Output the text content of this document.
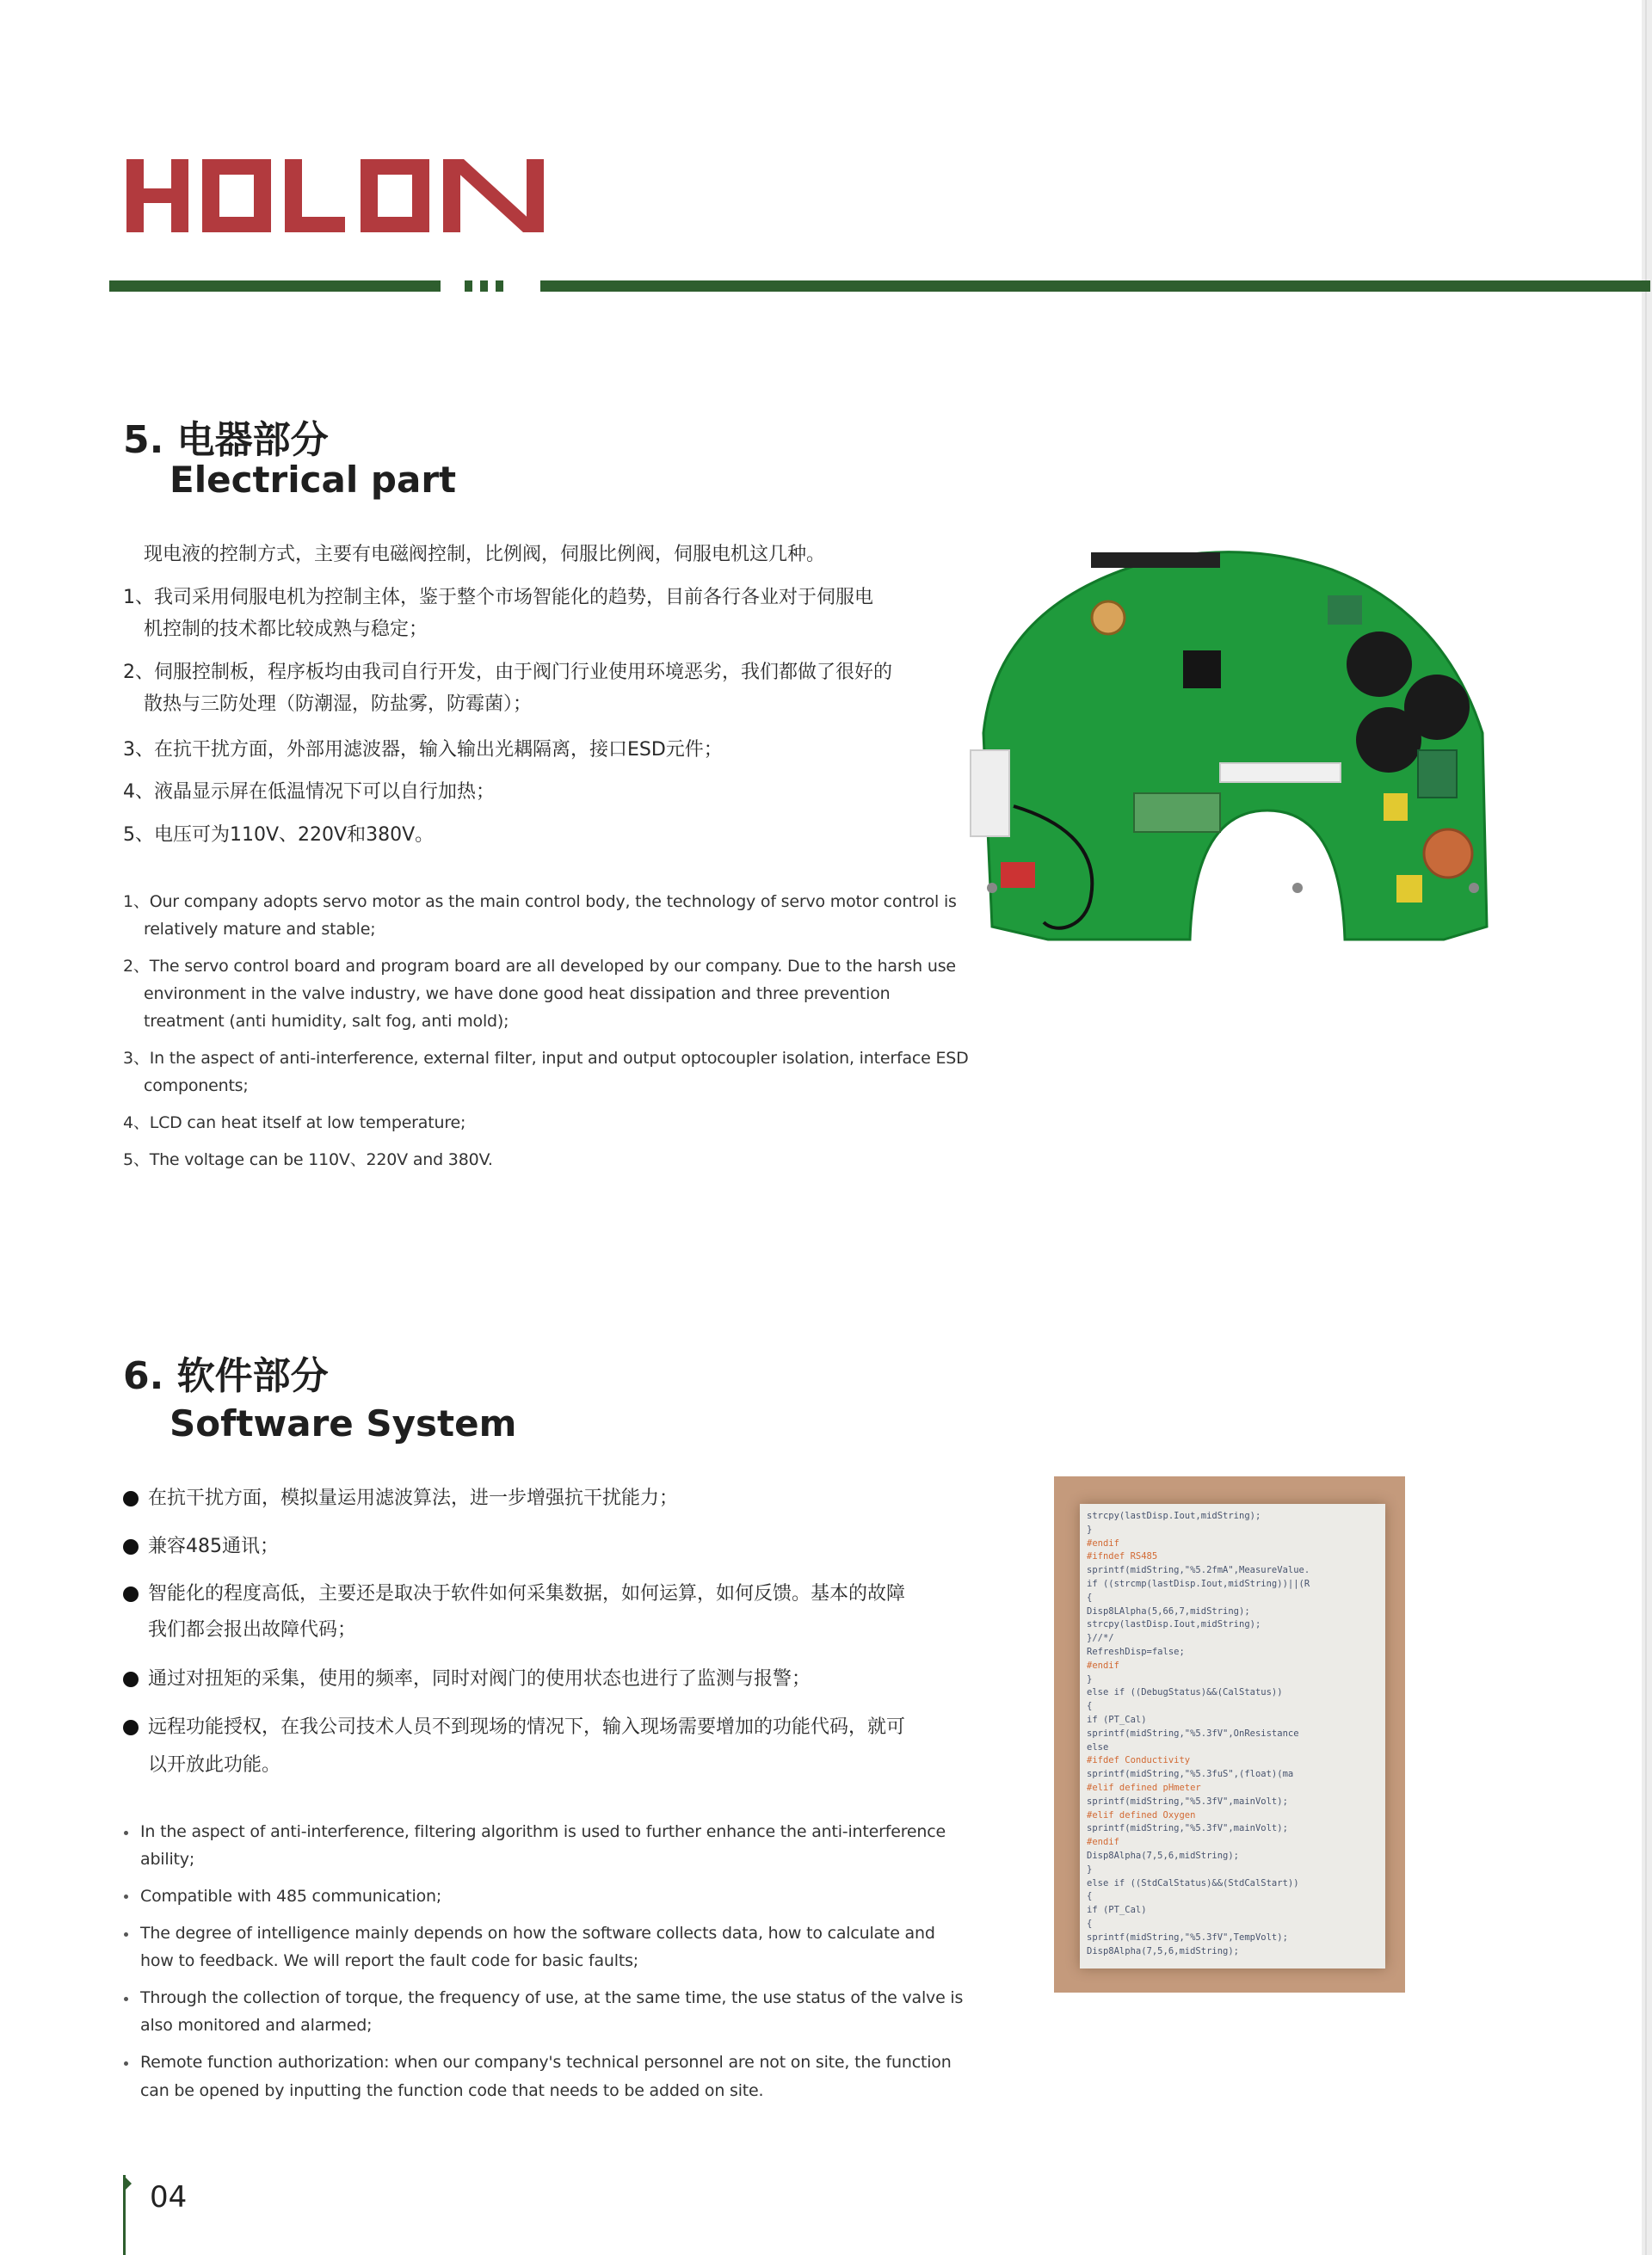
5. 电器部分
Electrical part
现电液的控制方式，主要有电磁阀控制，比例阀，伺服比例阀，伺服电机这几种。
1、我司采用伺服电机为控制主体，鉴于整个市场智能化的趋势，目前各行各业对于伺服电
机控制的技术都比较成熟与稳定；
2、伺服控制板，程序板均由我司自行开发，由于阀门行业使用环境恶劣，我们都做了很好的
散热与三防处理（防潮湿，防盐雾，防霉菌）；
3、在抗干扰方面，外部用滤波器，输入输出光耦隔离，接口ESD元件；
4、液晶显示屏在低温情况下可以自行加热；
5、电压可为110V、220V和380V。
1、Our company adopts servo motor as the main control body, the technology of servo motor control is
relatively mature and stable;
2、The servo control board and program board are all developed by our company. Due to the harsh use
environment in the valve industry, we have done good heat dissipation and three prevention
treatment (anti humidity, salt fog, anti mold);
3、In the aspect of anti-interference, external filter, input and output optocoupler isolation, interface ESD
components;
4、LCD can heat itself at low temperature;
5、The voltage can be 110V、220V and 380V.
6. 软件部分
Software System
在抗干扰方面，模拟量运用滤波算法，进一步增强抗干扰能力；
兼容485通讯；
智能化的程度高低，主要还是取决于软件如何采集数据，如何运算，如何反馈。基本的故障
我们都会报出故障代码；
通过对扭矩的采集，使用的频率，同时对阀门的使用状态也进行了监测与报警；
远程功能授权，在我公司技术人员不到现场的情况下，输入现场需要增加的功能代码，就可
以开放此功能。
In the aspect of anti-interference, filtering algorithm is used to further enhance the anti-interference
ability;
Compatible with 485 communication;
The degree of intelligence mainly depends on how the software collects data, how to calculate and
how to feedback. We will report the fault code for basic faults;
Through the collection of torque, the frequency of use, at the same time, the use status of the valve is
also monitored and alarmed;
Remote function authorization: when our company's technical personnel are not on site, the function
can be opened by inputting the function code that needs to be added on site.
strcpy(lastDisp.Iout,midString);
}
#endif
#ifndef RS485
sprintf(midString,"%5.2fmA",MeasureValue.
if ((strcmp(lastDisp.Iout,midString))||(R
{
Disp8LAlpha(5,66,7,midString);
strcpy(lastDisp.Iout,midString);
}//*/
RefreshDisp=false;
#endif
}
else if ((DebugStatus)&&(CalStatus))
{
if (PT_Cal)
sprintf(midString,"%5.3fV",OnResistance
else
#ifdef Conductivity
sprintf(midString,"%5.3fuS",(float)(ma
#elif defined pHmeter
sprintf(midString,"%5.3fV",mainVolt);
#elif defined Oxygen
sprintf(midString,"%5.3fV",mainVolt);
#endif
Disp8Alpha(7,5,6,midString);
}
else if ((StdCalStatus)&&(StdCalStart))
{
if (PT_Cal)
{
sprintf(midString,"%5.3fV",TempVolt);
Disp8Alpha(7,5,6,midString);
04
